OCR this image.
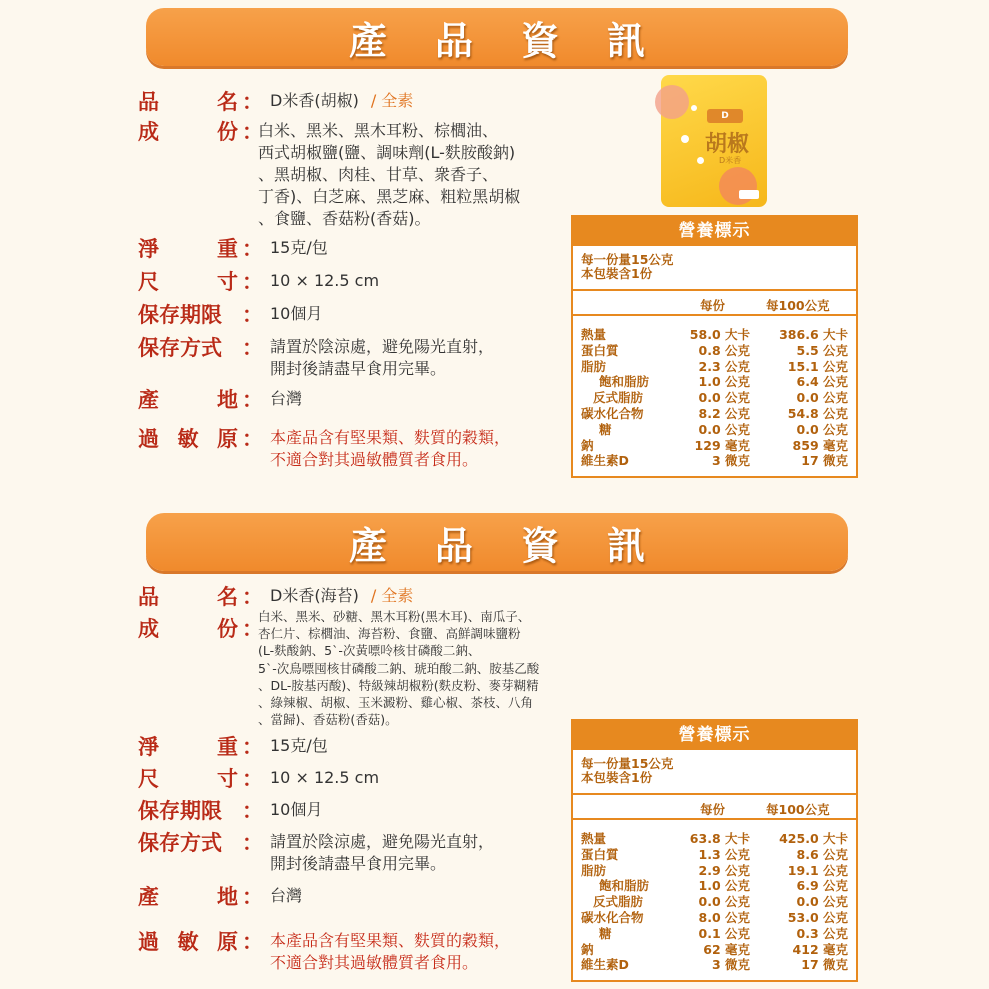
產品資訊
品	名 ： D米香(胡椒) / 全素
成	份 ：
白米、黑米、黑木耳粉、棕櫚油、
西式胡椒鹽(鹽、調味劑(L-麩胺酸鈉)
、黑胡椒、肉桂、甘草、衆香子、
丁香)、白芝麻、黑芝麻、粗粒黑胡椒
、食鹽、香菇粉(香菇)。
淨	重 ： 15克/包
尺	寸 ： 10 × 12.5 cm
保存期限 ： 10個月
保存方式 ： 請置於陰涼處，避免陽光直射，
開封後請盡早食用完畢。
產	地 ： 台灣
過 敏 原 ： 本產品含有堅果類、麩質的穀類，
不適合對其過敏體質者食用。
D
胡椒
D米香
營養標示
每一份量15公克
本包裝含1份
每份	每100公克
熱量	58.0 大卡 386.6 大卡
蛋白質	0.8 公克	5.5 公克
脂肪	2.3 公克	15.1 公克
飽和脂肪	1.0 公克	6.4 公克
反式脂肪	0.0 公克	0.0 公克
碳水化合物	8.2 公克	54.8 公克
糖	0.0 公克	0.0 公克
鈉	129 毫克	859 毫克
維生素D	3 微克	17 微克
產品資訊
品	名 ： D米香(海苔) / 全素
成	份 ：
白米、黑米、砂糖、黑木耳粉(黑木耳)、南瓜子、
杏仁片、棕櫚油、海苔粉、食鹽、高鮮調味鹽粉
(L-麩酸鈉、5`-次黃嘌呤核甘磷酸二鈉、
5`-次鳥嘌囤核甘磷酸二鈉、琥珀酸二鈉、胺基乙酸
、DL-胺基丙酸)、特級辣胡椒粉(麩皮粉、麥芽糊精
、綠辣椒、胡椒、玉米澱粉、雞心椒、茶枝、八角
、當歸)、香菇粉(香菇)。
淨	重 ： 15克/包
尺	寸 ： 10 × 12.5 cm
保存期限 ： 10個月
保存方式 ： 請置於陰涼處，避免陽光直射，
開封後請盡早食用完畢。
產	地 ： 台灣
過 敏 原 ： 本產品含有堅果類、麩質的穀類，
不適合對其過敏體質者食用。
營養標示
每一份量15公克
本包裝含1份
每份	每100公克
熱量	63.8 大卡 425.0 大卡
蛋白質	1.3 公克	8.6 公克
脂肪	2.9 公克	19.1 公克
飽和脂肪	1.0 公克	6.9 公克
反式脂肪	0.0 公克	0.0 公克
碳水化合物	8.0 公克	53.0 公克
糖	0.1 公克	0.3 公克
鈉	62 毫克	412 毫克
維生素D	3 微克	17 微克
